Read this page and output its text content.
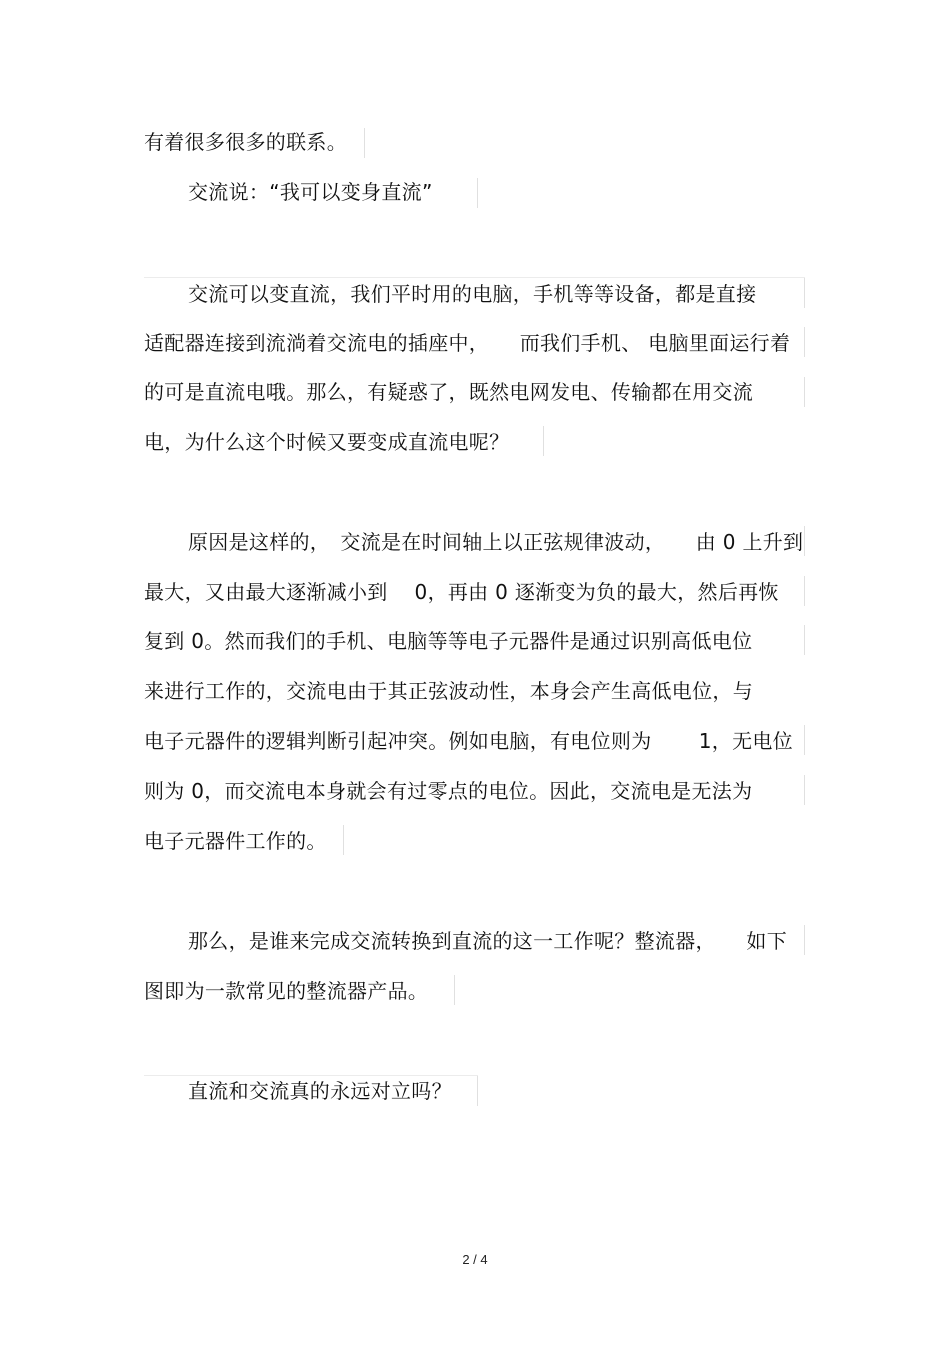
有着很多很多的联系。
交流说：“我可以变身直流”
交流可以变直流，我们平时用的电脑，手机等等设备，都是直接
适配器连接到流淌着交流电的插座中，　　而我们手机、 电脑里面运行着
的可是直流电哦。那么，有疑惑了，既然电网发电、传输都在用交流
电，为什么这个时候又要变成直流电呢？
原因是这样的，　交流是在时间轴上以正弦规律波动，　　由 0 上升到
最大，又由最大逐渐减小到　 0，再由 0 逐渐变为负的最大，然后再恢
复到 0。然而我们的手机、电脑等等电子元器件是通过识别高低电位
来进行工作的，交流电由于其正弦波动性，本身会产生高低电位，与
电子元器件的逻辑判断引起冲突。例如电脑，有电位则为　　 1，无电位
则为 0，而交流电本身就会有过零点的电位。因此，交流电是无法为
电子元器件工作的。
那么，是谁来完成交流转换到直流的这一工作呢？整流器，　　如下
图即为一款常见的整流器产品。
直流和交流真的永远对立吗？
2 / 4
